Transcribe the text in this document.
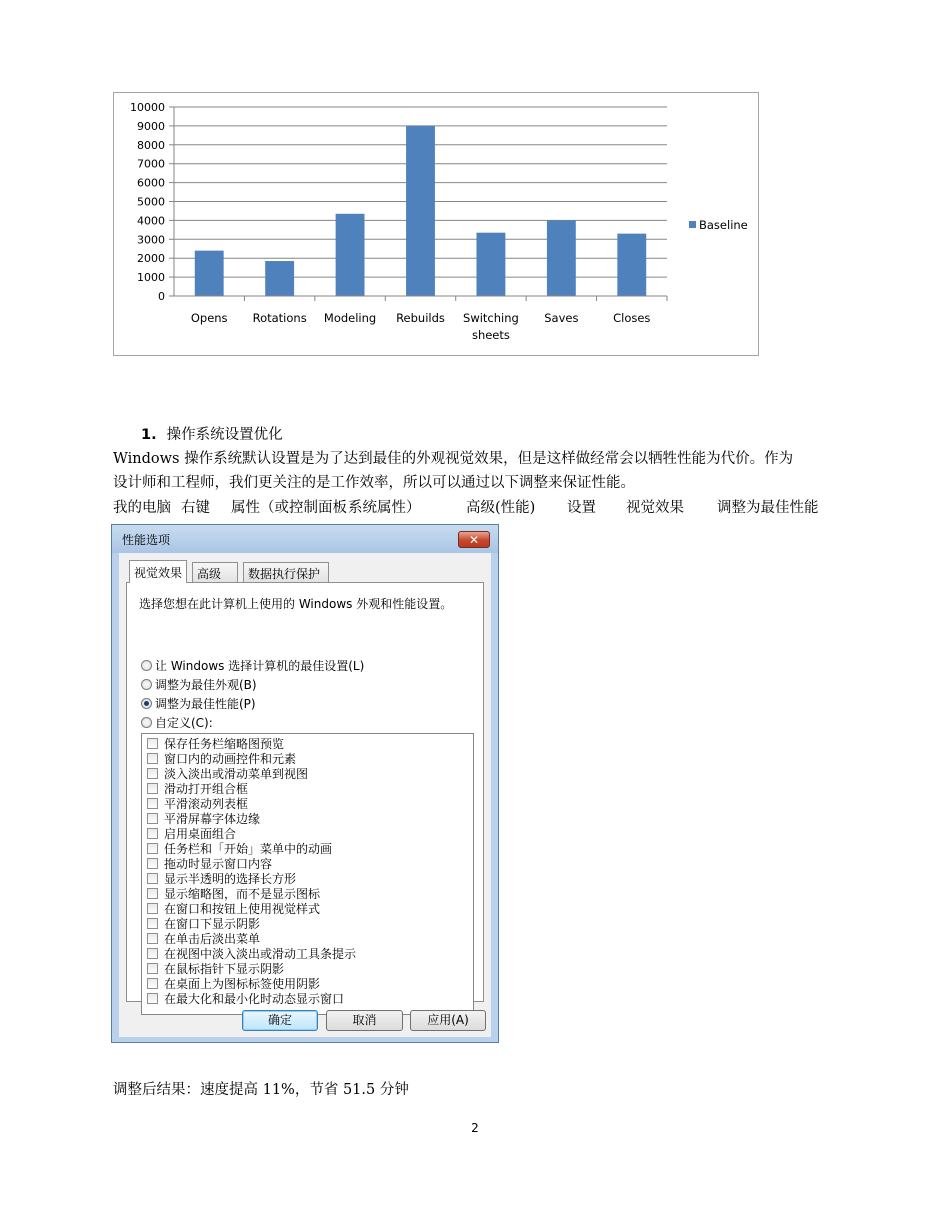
0
1000
2000
3000
4000
5000
6000
7000
8000
9000
10000
Opens Rotations Modeling Rebuilds Switching
sheets
Saves	Closes
Baseline
1. 操作系统设置优化
Windows 操作系统默认设置是为了达到最佳的外观视觉效果，但是这样做经常会以牺牲性能为代价。作为
设计师和工程师，我们更关注的是工作效率，所以可以通过以下调整来保证性能。
我的电脑 右键 属性（或控制面板系统属性）	高级(性能) 设置 视觉效果 调整为最佳性能
性能选项	✕
视觉效果	高级	数据执行保护
选择您想在此计算机上使用的 Windows 外观和性能设置。
让 Windows 选择计算机的最佳设置(L)
调整为最佳外观(B)
调整为最佳性能(P)
自定义(C):
保存任务栏缩略图预览
窗口内的动画控件和元素
淡入淡出或滑动菜单到视图
滑动打开组合框
平滑滚动列表框
平滑屏幕字体边缘
启用桌面组合
任务栏和「开始」菜单中的动画
拖动时显示窗口内容
显示半透明的选择长方形
显示缩略图，而不是显示图标
在窗口和按钮上使用视觉样式
在窗口下显示阴影
在单击后淡出菜单
在视图中淡入淡出或滑动工具条提示
在鼠标指针下显示阴影
在桌面上为图标标签使用阴影
在最大化和最小化时动态显示窗口
确定	取消	应用(A)
调整后结果：速度提高 11%，节省 51.5 分钟
2
